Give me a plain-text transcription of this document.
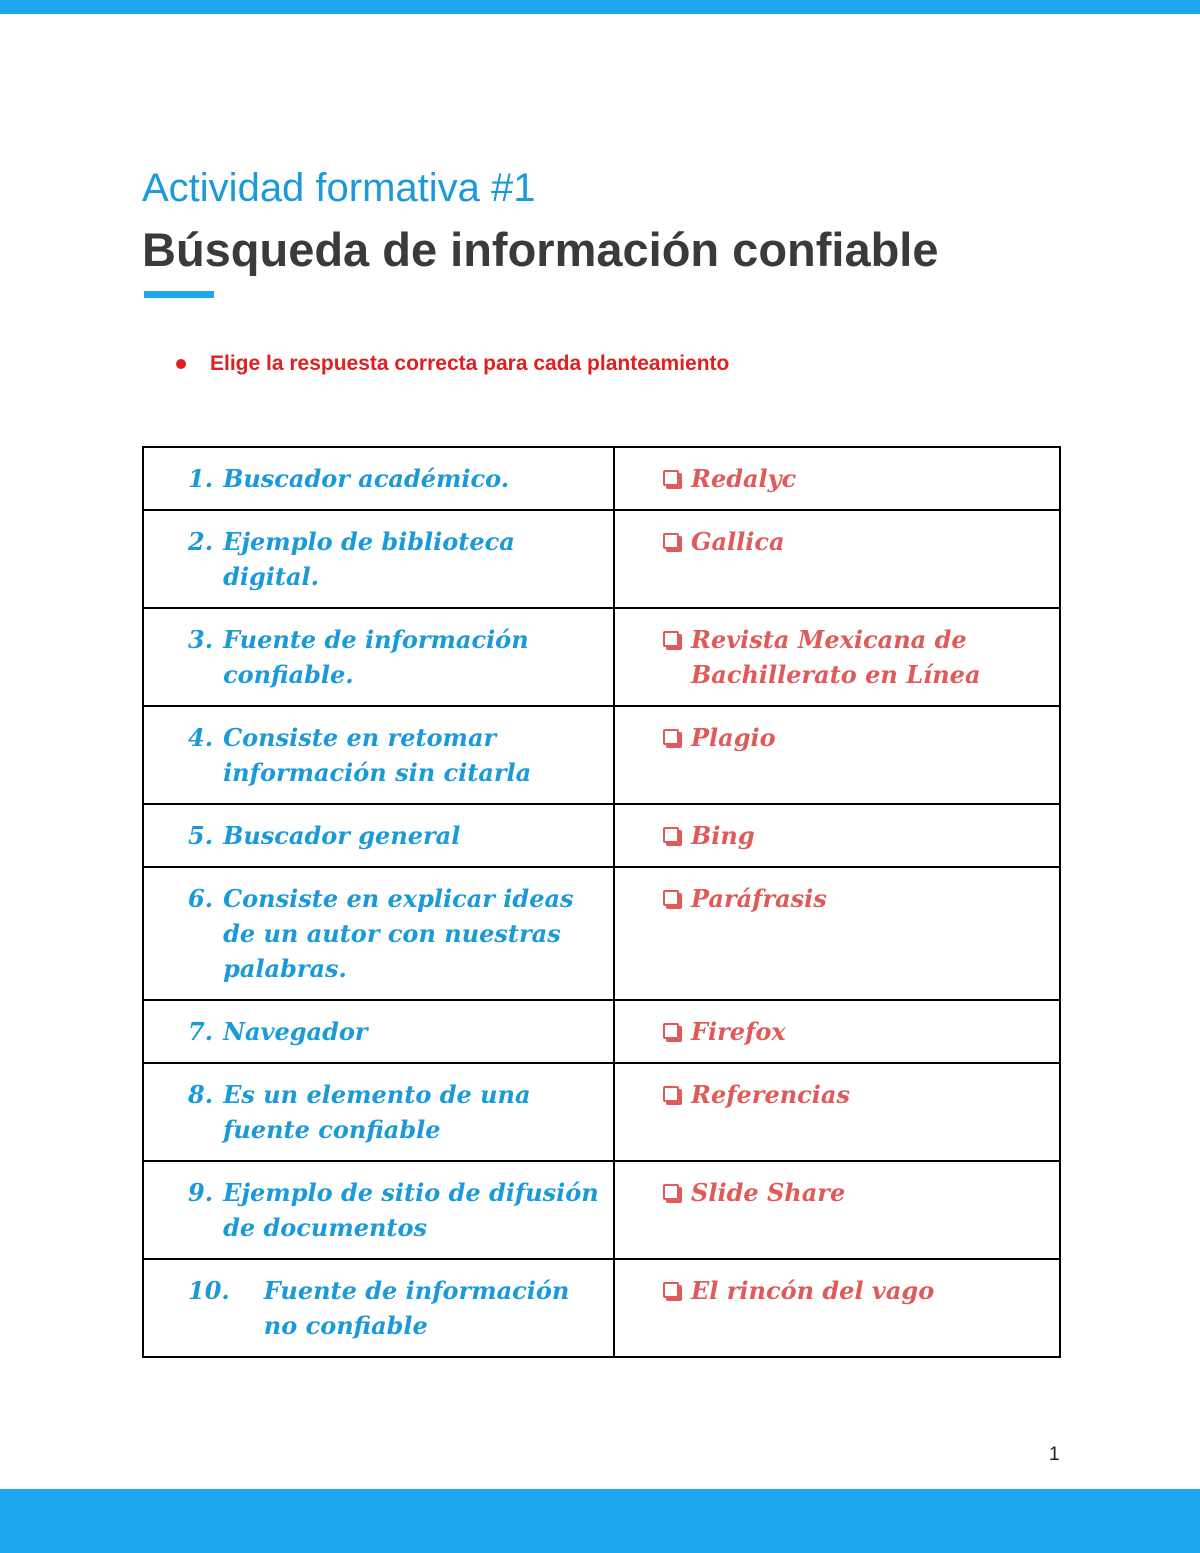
Actividad formativa #1
Búsqueda de información confiable
Elige la respuesta correcta para cada planteamiento
1. Buscador académico.	Redalyc

2. Ejemplo de biblioteca digital.	Gallica

3. Fuente de información confiable.	Revista Mexicana de Bachillerato en Línea

4. Consiste en retomar información sin citarla	Plagio

5. Buscador general	Bing

6. Consiste en explicar ideas de un autor con nuestras palabras.	Paráfrasis

7. Navegador	Firefox

8. Es un elemento de una fuente confiable	Referencias

9. Ejemplo de sitio de difusión de documentos	Slide Share

10. Fuente de información no confiable	El rincón del vago
1
